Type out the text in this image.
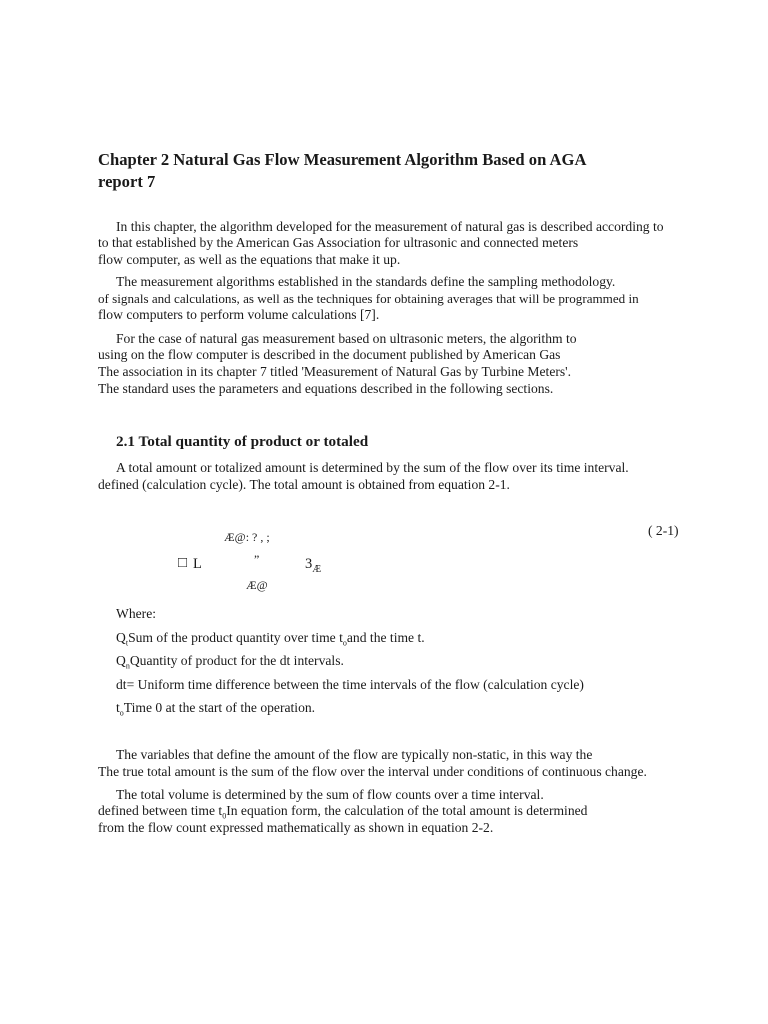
Chapter 2 Natural Gas Flow Measurement Algorithm Based on AGA
report 7
In this chapter, the algorithm developed for the measurement of natural gas is described according to
to that established by the American Gas Association for ultrasonic and connected meters
flow computer, as well as the equations that make it up.
The measurement algorithms established in the standards define the sampling methodology.
of signals and calculations, as well as the techniques for obtaining averages that will be programmed in
flow computers to perform volume calculations [7].
For the case of natural gas measurement based on ultrasonic meters, the algorithm to
using on the flow computer is described in the document published by American Gas
The association in its chapter 7 titled 'Measurement of Natural Gas by Turbine Meters'.
The standard uses the parameters and equations described in the following sections.
2.1 Total quantity of product or totaled
A total amount or totalized amount is determined by the sum of the flow over its time interval.
defined (calculation cycle). The total amount is obtained from equation 2-1.
Æ@: ? , ;
□ L	”	$3_Æ$
Æ@
( 2-1)
Where:
$Q_tSum$ of the product quantity over time $t_oand$ the time t.
$Q_nQuantity$ of product for the dt intervals.
dt= Uniform time difference between the time intervals of the flow (calculation cycle)
$t_oTime$ 0 at the start of the operation.
The variables that define the amount of the flow are typically non-static, in this way the
The true total amount is the sum of the flow over the interval under conditions of continuous change.
The total volume is determined by the sum of flow counts over a time interval.
defined between time $t_0In$ equation form, the calculation of the total amount is determined
from the flow count expressed mathematically as shown in equation 2-2.
